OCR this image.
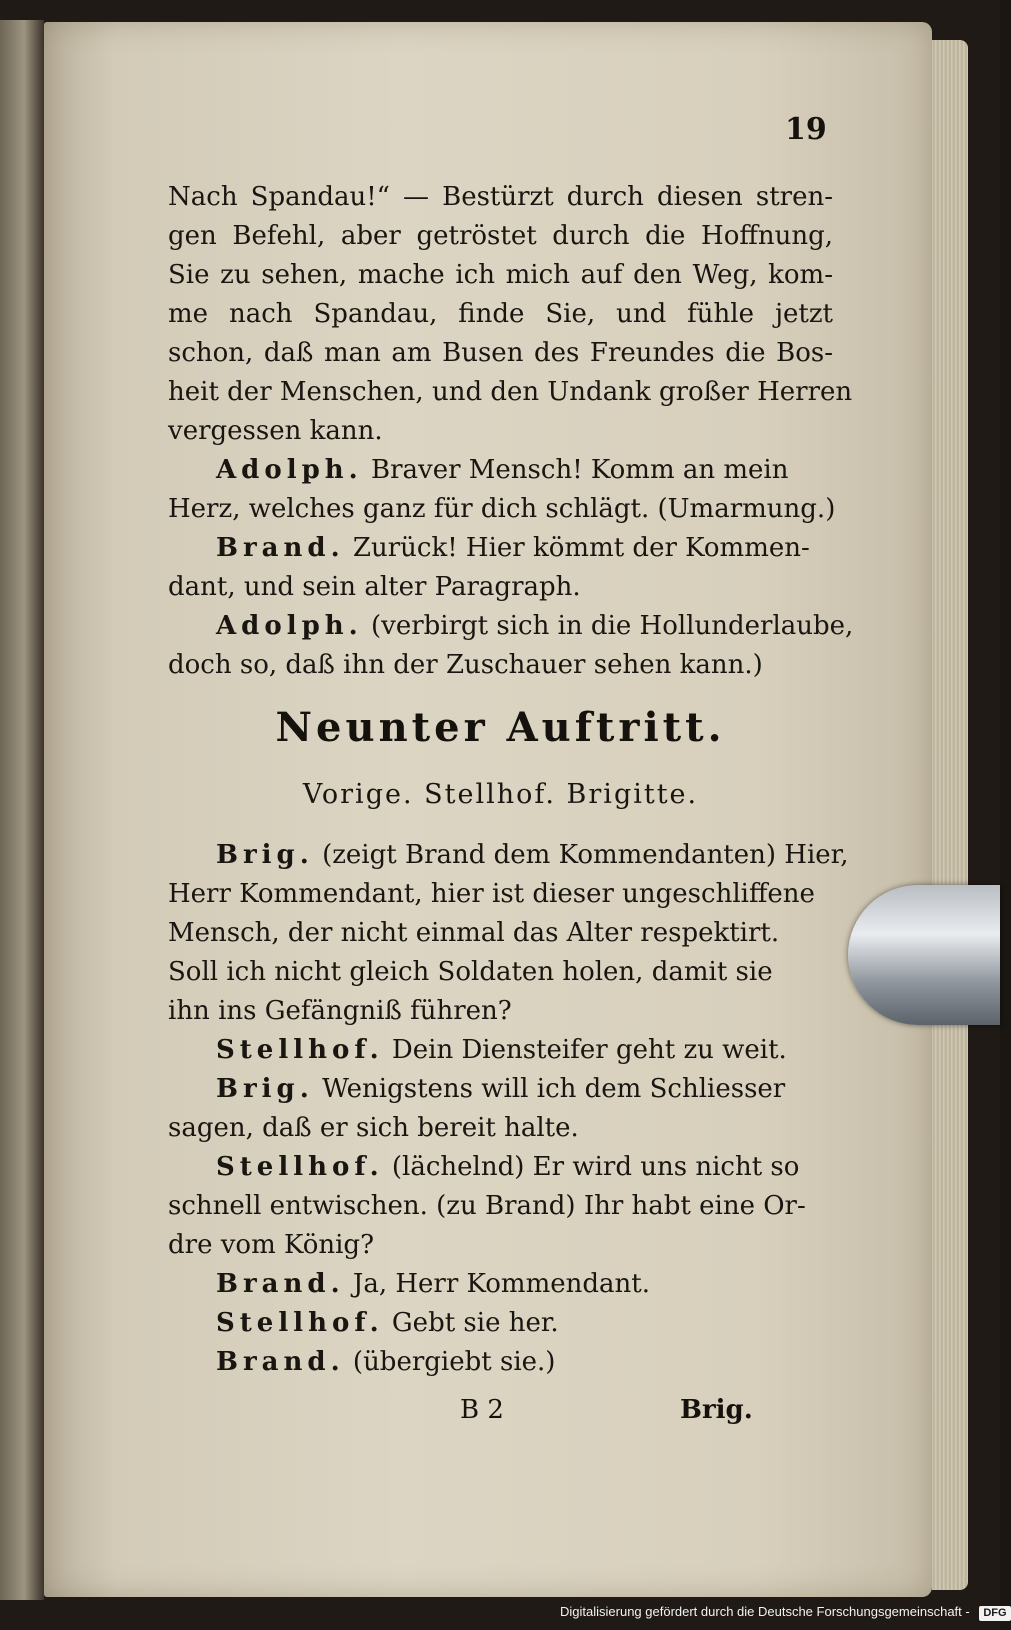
19
Nach Spandau!“ — Bestürzt durch diesen stren-
gen Befehl, aber getröstet durch die Hoffnung,
Sie zu sehen, mache ich mich auf den Weg, kom-
me nach Spandau, finde Sie, und fühle jetzt
schon, daß man am Busen des Freundes die Bos-
heit der Menschen, und den Undank großer Herren
vergessen kann.
Adolph. Braver Mensch! Komm an mein
Herz, welches ganz für dich schlägt. (Umarmung.)
Brand. Zurück! Hier kömmt der Kommen-
dant, und sein alter Paragraph.
Adolph. (verbirgt sich in die Hollunderlaube,
doch so, daß ihn der Zuschauer sehen kann.)
Neunter Auftritt.
Vorige. Stellhof. Brigitte.
Brig. (zeigt Brand dem Kommendanten) Hier,
Herr Kommendant, hier ist dieser ungeschliffene
Mensch, der nicht einmal das Alter respektirt.
Soll ich nicht gleich Soldaten holen, damit sie
ihn ins Gefängniß führen?
Stellhof. Dein Diensteifer geht zu weit.
Brig. Wenigstens will ich dem Schliesser
sagen, daß er sich bereit halte.
Stellhof. (lächelnd) Er wird uns nicht so
schnell entwischen. (zu Brand) Ihr habt eine Or-
dre vom König?
Brand. Ja, Herr Kommendant.
Stellhof. Gebt sie her.
Brand. (übergiebt sie.)
B 2	Brig.
Digitalisierung gefördert durch die Deutsche Forschungsgemeinschaft - DFG
